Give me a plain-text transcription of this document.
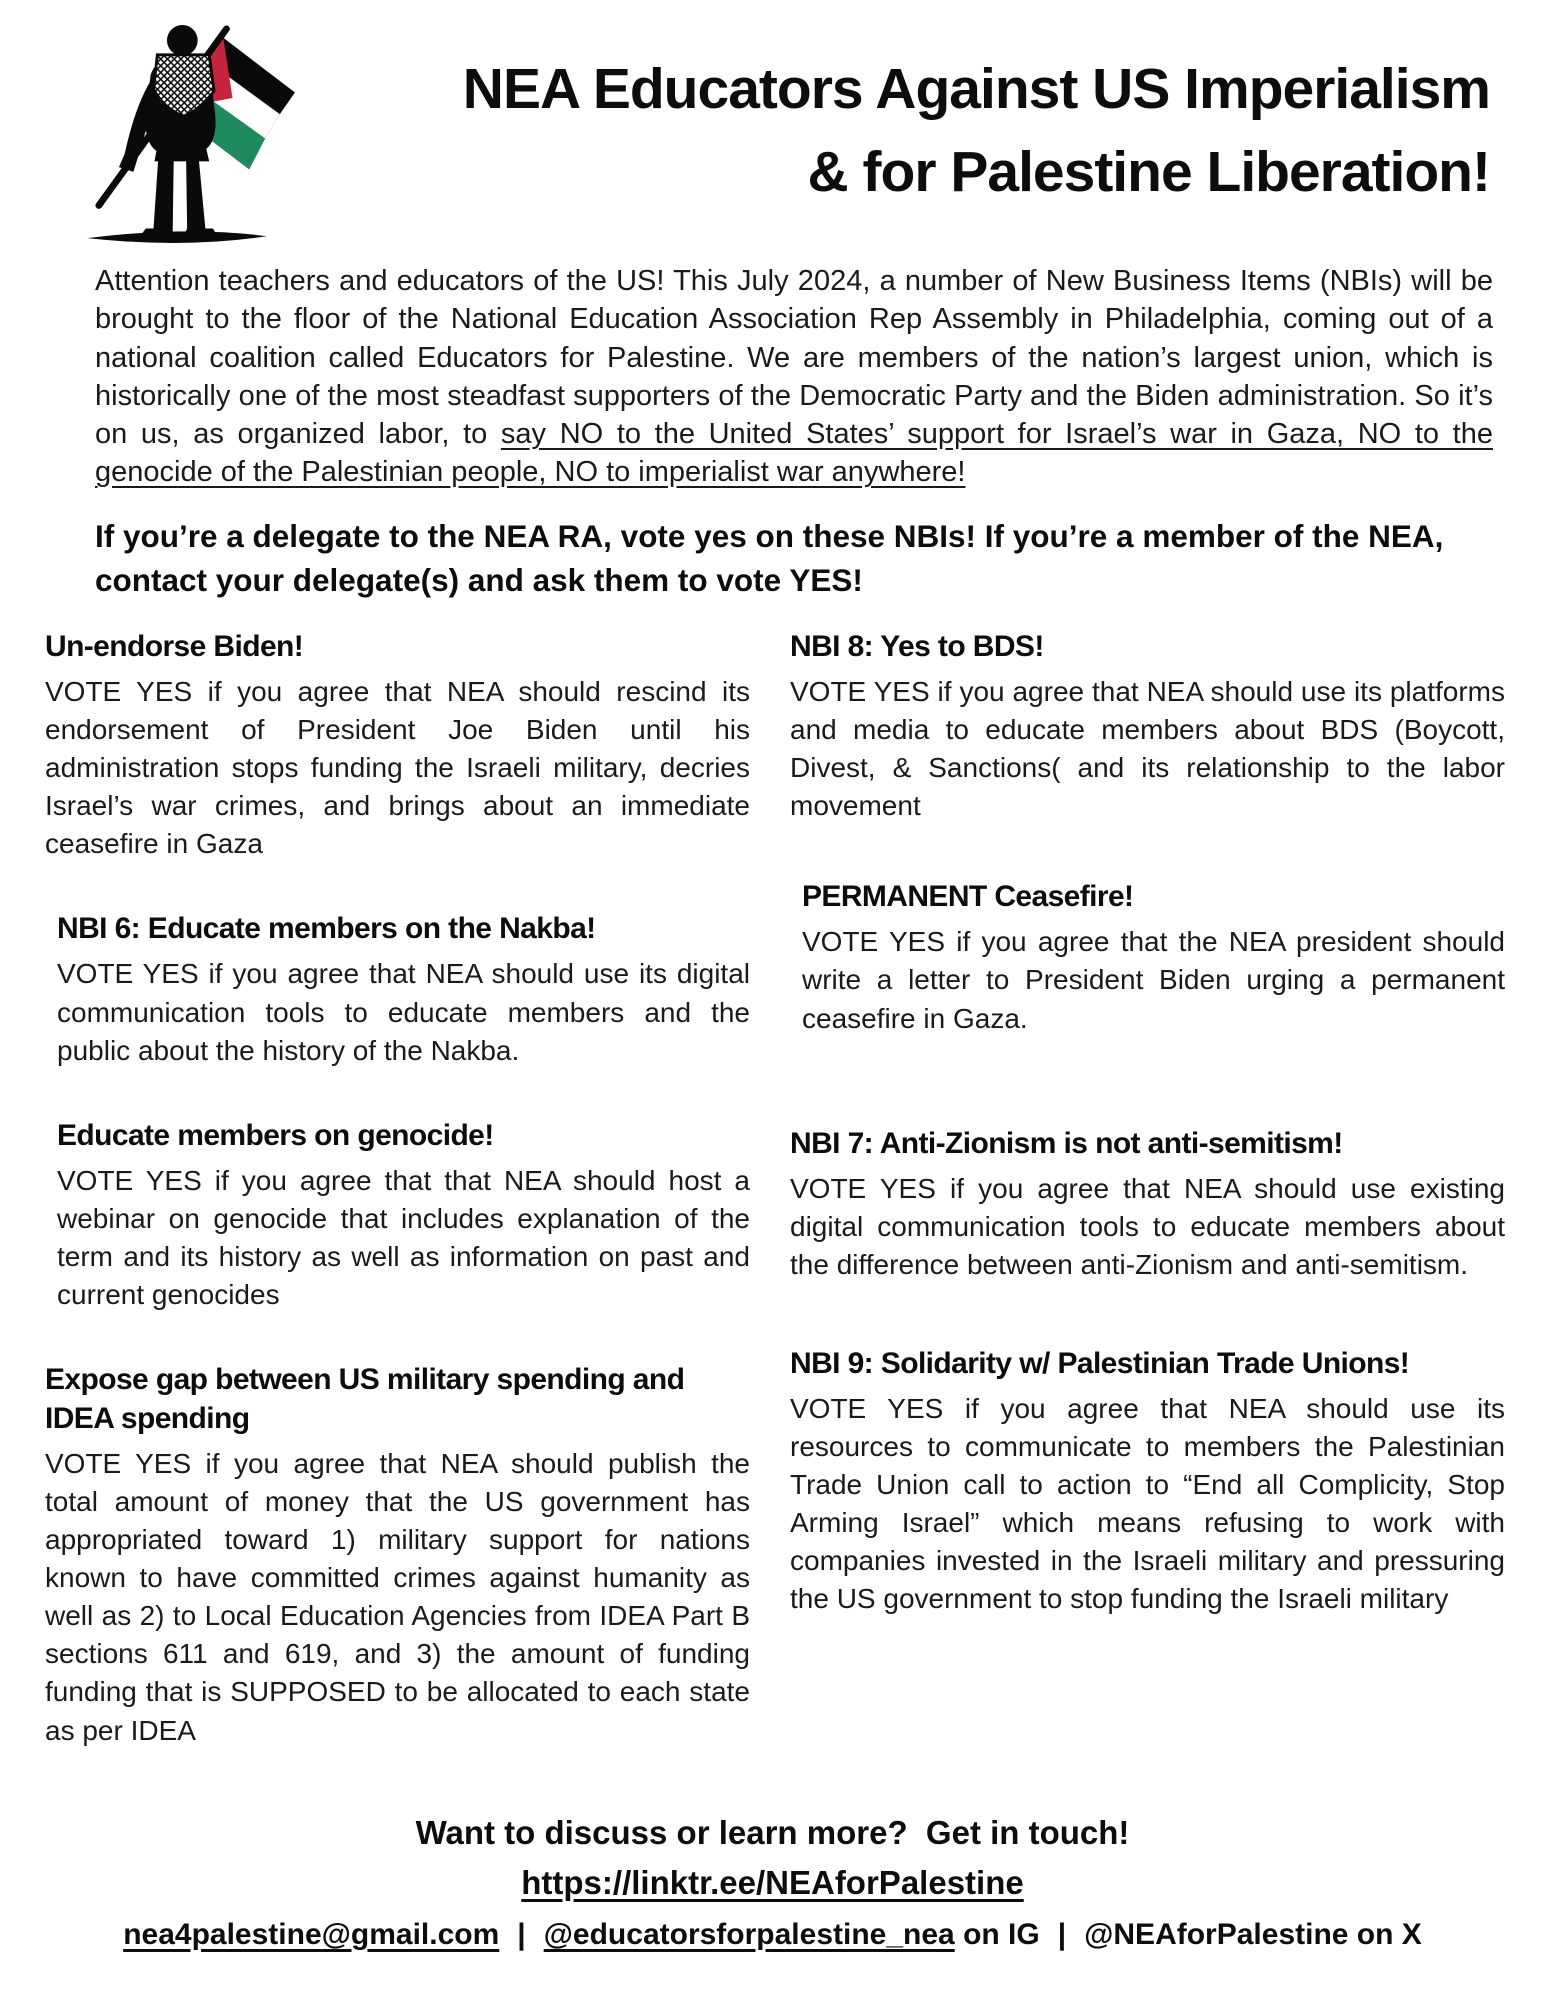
NEA Educators Against US Imperialism
& for Palestine Liberation!

Attention teachers and educators of the US! This July 2024, a number of New Business Items (NBIs) will be brought to the floor of the National Education Association Rep Assembly in Philadelphia, coming out of a national coalition called Educators for Palestine. We are members of the nation’s largest union, which is historically one of the most steadfast supporters of the Democratic Party and the Biden administration. So it’s on us, as organized labor, to say NO to the United States’ support for Israel’s war in Gaza, NO to the genocide of the Palestinian people, NO to imperialist war anywhere!

If you’re a delegate to the NEA RA, vote yes on these NBIs! If you’re a member of the NEA, contact your delegate(s) and ask them to vote YES!

Un-endorse Biden!
VOTE YES if you agree that NEA should rescind its endorsement of President Joe Biden until his administration stops funding the Israeli military, decries Israel’s war crimes, and brings about an immediate ceasefire in Gaza
NBI 6: Educate members on the Nakba!
VOTE YES if you agree that NEA should use its digital communication tools to educate members and the public about the history of the Nakba.
Educate members on genocide!
VOTE YES if you agree that that NEA should host a webinar on genocide that includes explanation of the term and its history as well as information on past and current genocides
Expose gap between US military spending and IDEA spending
VOTE YES if you agree that NEA should publish the total amount of money that the US government has appropriated toward 1) military support for nations known to have committed crimes against humanity as well as 2) to Local Education Agencies from IDEA Part B sections 611 and 619, and 3) the amount of funding funding that is SUPPOSED to be allocated to each state as per IDEA
NBI 8: Yes to BDS!
VOTE YES if you agree that NEA should use its platforms and media to educate members about BDS (Boycott, Divest, & Sanctions( and its relationship to the labor movement
PERMANENT Ceasefire!
VOTE YES if you agree that the NEA president should write a letter to President Biden urging a permanent ceasefire in Gaza.
NBI 7: Anti-Zionism is not anti-semitism!
VOTE YES if you agree that NEA should use existing digital communication tools to educate members about the difference between anti-Zionism and anti-semitism.
NBI 9: Solidarity w/ Palestinian Trade Unions!
VOTE YES if you agree that NEA should use its resources to communicate to members the Palestinian Trade Union call to action to “End all Complicity, Stop Arming Israel” which means refusing to work with companies invested in the Israeli military and pressuring the US government to stop funding the Israeli military
Want to discuss or learn more?  Get in touch!
https://linktr.ee/NEAforPalestine
nea4palestine@gmail.com | @educatorsforpalestine_nea on IG | @NEAforPalestine on X
